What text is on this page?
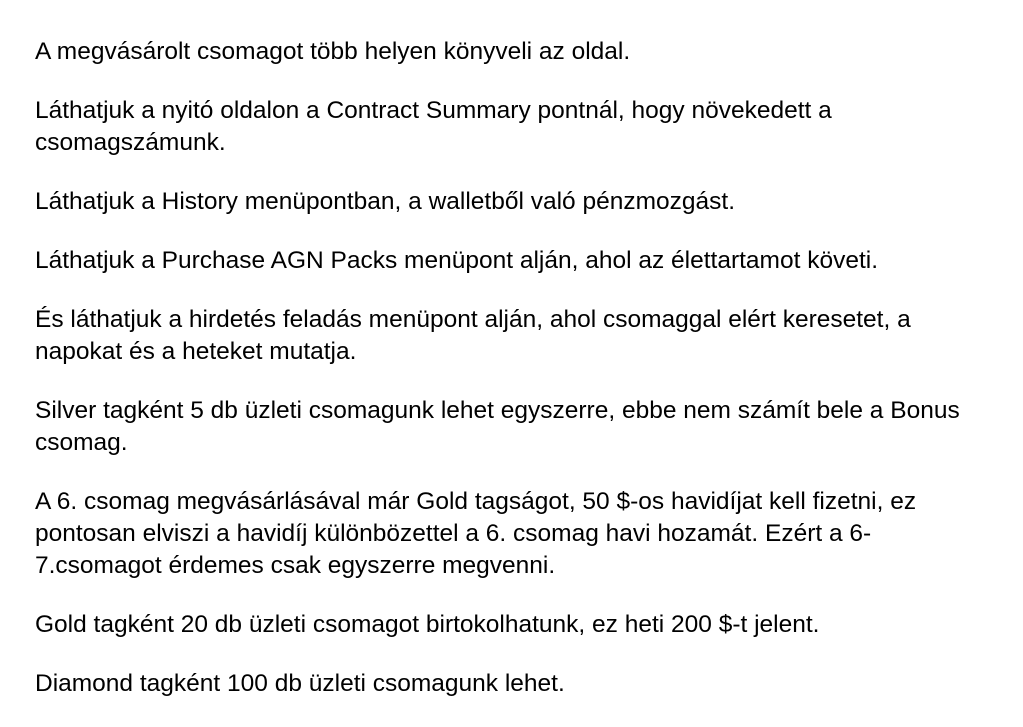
A megvásárolt csomagot több helyen könyveli az oldal.

Láthatjuk a nyitó oldalon a Contract Summary pontnál, hogy növekedett a csomagszámunk.

Láthatjuk a History menüpontban, a walletből való pénzmozgást.

Láthatjuk a Purchase AGN Packs menüpont alján, ahol az élettartamot követi.

És láthatjuk a hirdetés feladás menüpont alján, ahol csomaggal elért keresetet, a napokat és a heteket mutatja.

Silver tagként 5 db üzleti csomagunk lehet egyszerre, ebbe nem számít bele a Bonus csomag.

A 6. csomag megvásárlásával már Gold tagságot, 50 $-os havidíjat kell fizetni, ez pontosan elviszi a havidíj különbözettel a 6. csomag havi hozamát. Ezért a 6-7.csomagot érdemes csak egyszerre megvenni.

Gold tagként 20 db üzleti csomagot birtokolhatunk, ez heti 200 $-t jelent.

Diamond tagként 100 db üzleti csomagunk lehet.
